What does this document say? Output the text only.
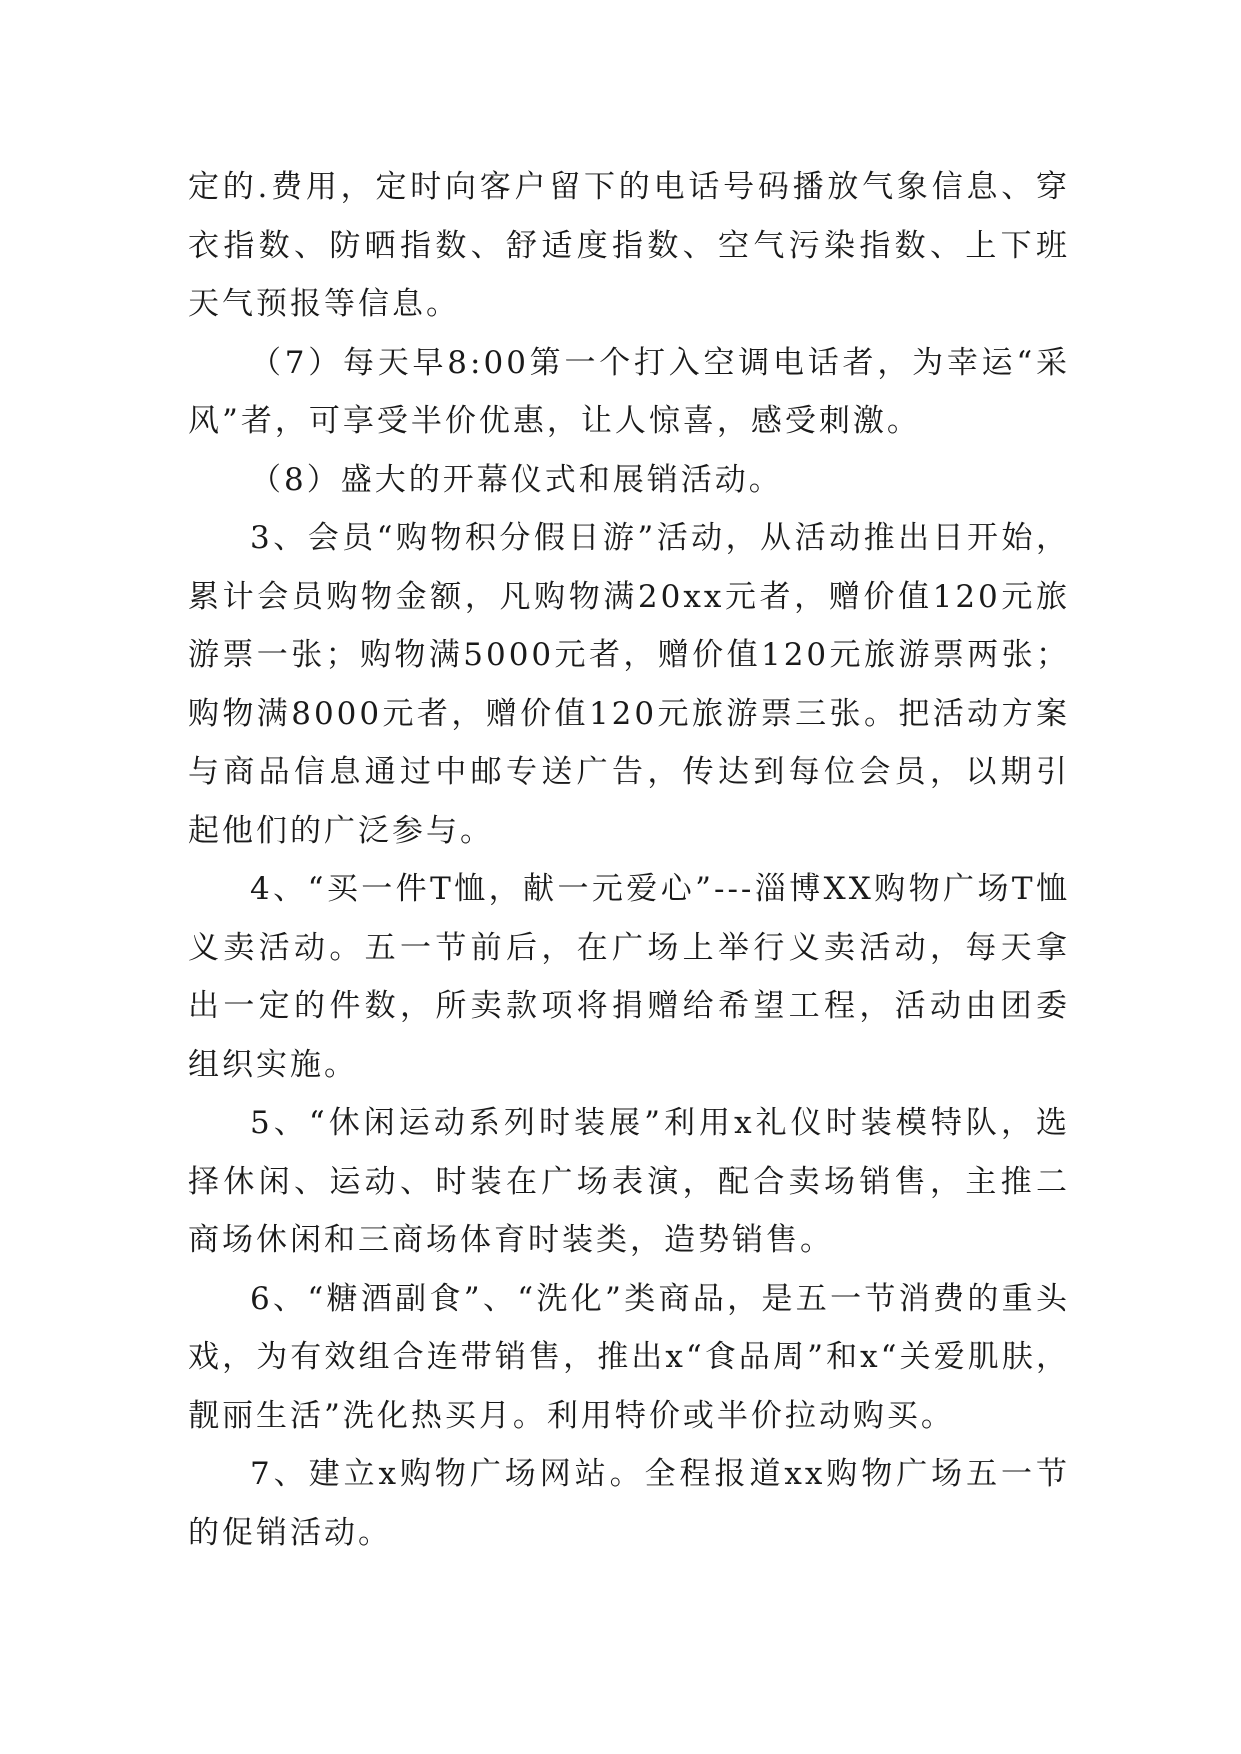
定的.费用，定时向客户留下的电话号码播放气象信息、穿衣指数、防晒指数、舒适度指数、空气污染指数、上下班天气预报等信息。

（7）每天早8:00第一个打入空调电话者，为幸运“采风”者，可享受半价优惠，让人惊喜，感受刺激。

（8）盛大的开幕仪式和展销活动。

3、会员“购物积分假日游”活动，从活动推出日开始，累计会员购物金额，凡购物满20xx元者，赠价值120元旅游票一张；购物满5000元者，赠价值120元旅游票两张；购物满8000元者，赠价值120元旅游票三张。把活动方案与商品信息通过中邮专送广告，传达到每位会员，以期引起他们的广泛参与。

4、“买一件T恤，献一元爱心”---淄博XX购物广场T恤义卖活动。五一节前后，在广场上举行义卖活动，每天拿出一定的件数，所卖款项将捐赠给希望工程，活动由团委组织实施。

5、“休闲运动系列时装展”利用x礼仪时装模特队，选择休闲、运动、时装在广场表演，配合卖场销售，主推二商场休闲和三商场体育时装类，造势销售。

6、“糖酒副食”、“洗化”类商品，是五一节消费的重头戏，为有效组合连带销售，推出x“食品周”和x“关爱肌肤，靓丽生活”洗化热买月。利用特价或半价拉动购买。

7、建立x购物广场网站。全程报道xx购物广场五一节的促销活动。
